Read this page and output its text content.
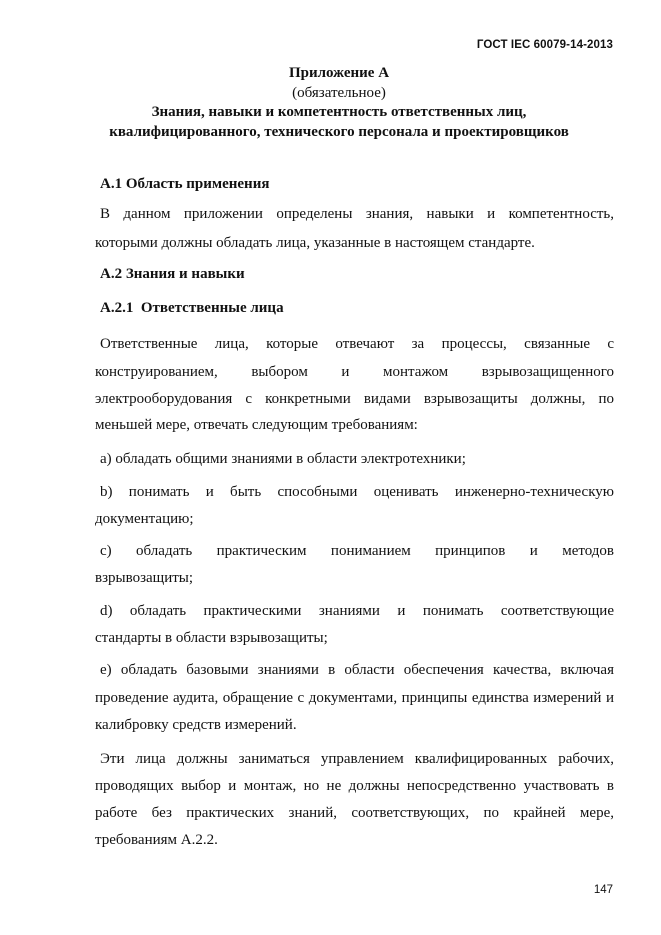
ГОСТ IEC 60079-14-2013
Приложение А
(обязательное)
Знания, навыки и компетентность ответственных лиц,
квалифицированного, технического персонала и проектировщиков
А.1 Область применения
В данном приложении определены знания, навыки и компетентность,
которыми должны обладать лица, указанные в настоящем стандарте.
А.2 Знания и навыки
А.2.1  Ответственные лица
Ответственные лица, которые отвечают за процессы, связанные с
конструированием, выбором и монтажом взрывозащищенного
электрооборудования с конкретными видами взрывозащиты должны, по
меньшей мере, отвечать следующим требованиям:
а) обладать общими знаниями в области электротехники;
b) понимать и быть способными оценивать инженерно-техническую
документацию;
c) обладать практическим пониманием принципов и методов
взрывозащиты;
d) обладать практическими знаниями и понимать соответствующие
стандарты в области взрывозащиты;
е) обладать базовыми знаниями в области обеспечения качества, включая
проведение аудита, обращение с документами, принципы единства измерений и
калибровку средств измерений.
Эти лица должны заниматься управлением квалифицированных рабочих,
проводящих выбор и монтаж, но не должны непосредственно участвовать в
работе без практических знаний, соответствующих, по крайней мере,
требованиям А.2.2.
147
